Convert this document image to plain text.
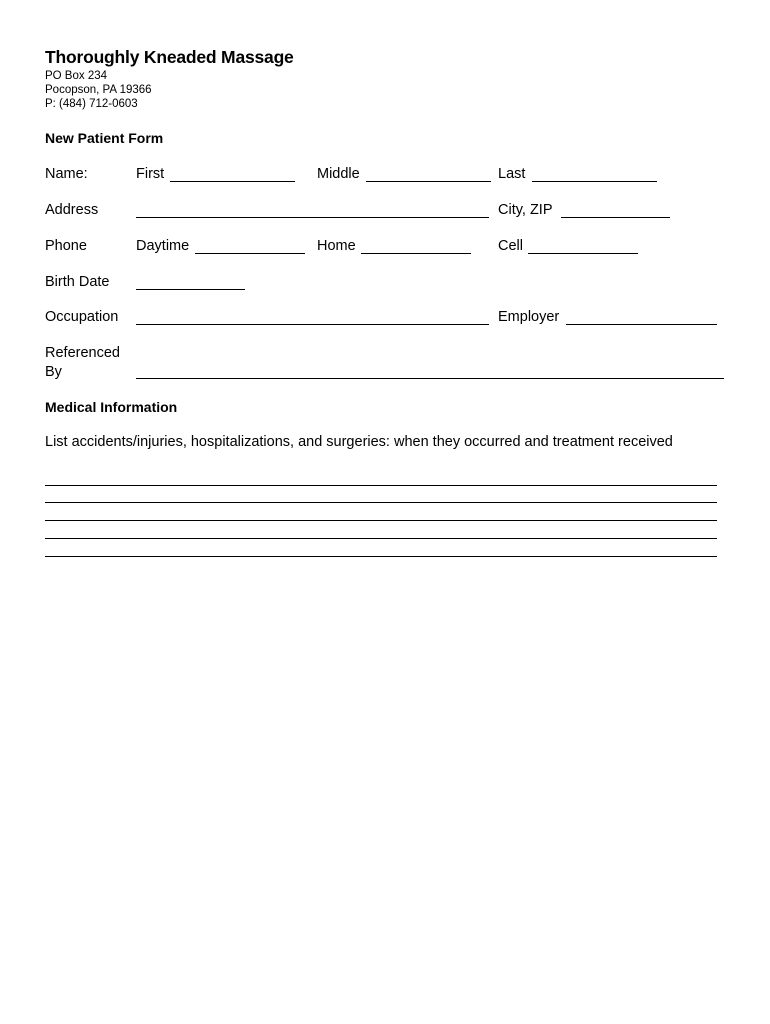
Thoroughly Kneaded Massage
PO Box 234
Pocopson, PA 19366
P: (484) 712-0603
New Patient Form
Name:	First	Middle	Last
Address	City, ZIP
Phone	Daytime	Home	Cell
Birth Date
Occupation	Employer
Referenced
By
Medical Information
List accidents/injuries, hospitalizations, and surgeries: when they occurred and treatment received
